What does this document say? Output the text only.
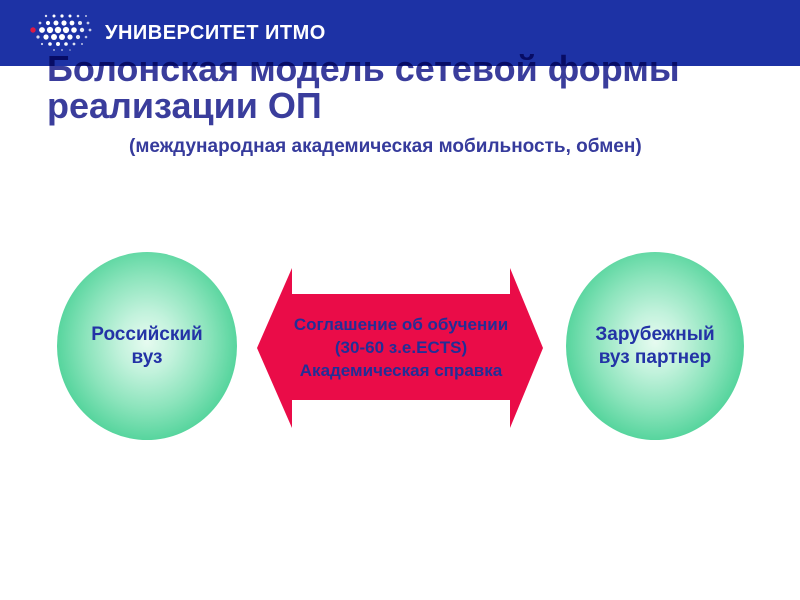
УНИВЕРСИТЕТ ИТМО
Болонская модель сетевой формы реализации ОП
(международная академическая мобильность, обмен)
Российский
вуз
Соглашение об обучении
(30-60 з.е.ECTS)
Академическая справка
Зарубежный
вуз партнер
